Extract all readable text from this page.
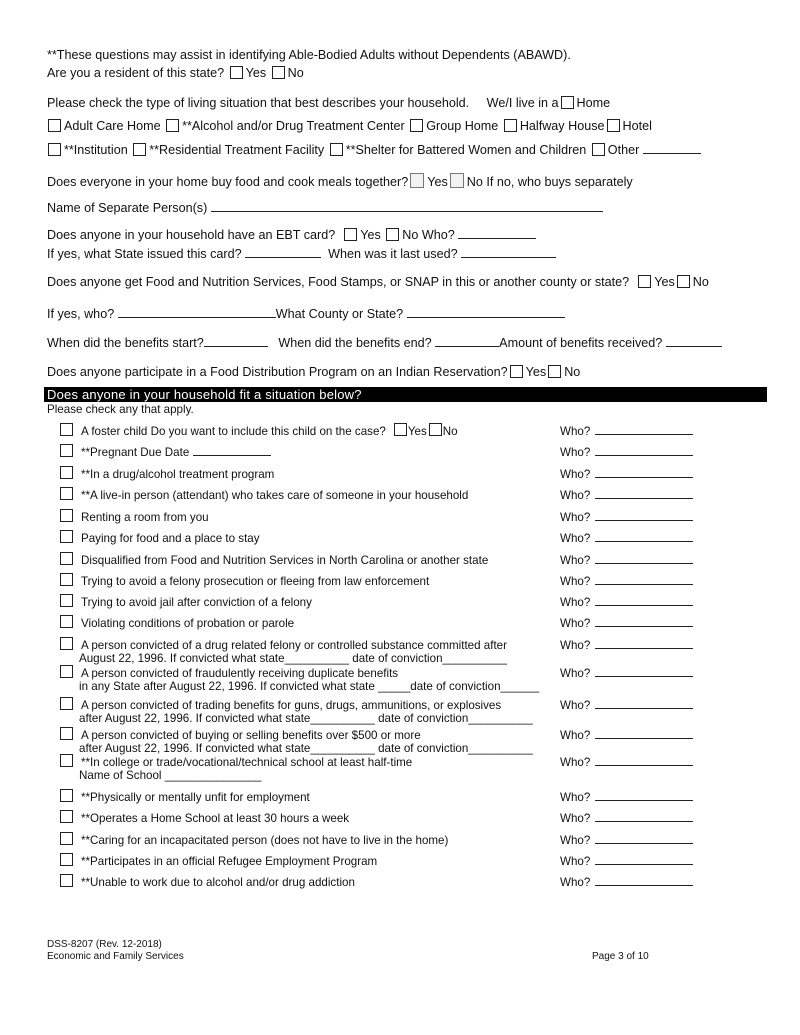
**These questions may assist in identifying Able-Bodied Adults without Dependents (ABAWD).
Are you a resident of this state? Yes No
Please check the type of living situation that best describes your household. We/I live in a Home
Adult Care Home **Alcohol and/or Drug Treatment Center Group Home Halfway House Hotel
**Institution **Residential Treatment Facility **Shelter for Battered Women and Children Other
Does everyone in your home buy food and cook meals together? Yes No If no, who buys separately
Name of Separate Person(s)
Does anyone in your household have an EBT card? Yes No Who?
If yes, what State issued this card?	When was it last used?
Does anyone get Food and Nutrition Services, Food Stamps, or SNAP in this or another county or state? Yes No
If yes, who?	What County or State?
When did the benefits start?	When did the benefits end?	Amount of benefits received?
Does anyone participate in a Food Distribution Program on an Indian Reservation? Yes No
Does anyone in your household fit a situation below?
Please check any that apply.
A foster child Do you want to include this child on the case? Yes No	Who?
**Pregnant Due Date	Who?
**In a drug/alcohol treatment program	Who?
**A live-in person (attendant) who takes care of someone in your household	Who?
Renting a room from you	Who?
Paying for food and a place to stay	Who?
Disqualified from Food and Nutrition Services in North Carolina or another state	Who?
Trying to avoid a felony prosecution or fleeing from law enforcement	Who?
Trying to avoid jail after conviction of a felony	Who?
Violating conditions of probation or parole	Who?
A person convicted of a drug related felony or controlled substance committed after
August 22, 1996. If convicted what state__________ date of conviction__________
Who?
A person convicted of fraudulently receiving duplicate benefits
in any State after August 22, 1996. If convicted what state _____date of conviction______
Who?
A person convicted of trading benefits for guns, drugs, ammunitions, or explosives
after August 22, 1996. If convicted what state__________ date of conviction__________
Who?
A person convicted of buying or selling benefits over $500 or more
after August 22, 1996. If convicted what state__________ date of conviction__________
Who?
**In college or trade/vocational/technical school at least half-time
Name of School _______________
Who?
**Physically or mentally unfit for employment	Who?
**Operates a Home School at least 30 hours a week	Who?
**Caring for an incapacitated person (does not have to live in the home)	Who?
**Participates in an official Refugee Employment Program	Who?
**Unable to work due to alcohol and/or drug addiction	Who?
DSS-8207 (Rev. 12-2018)
Economic and Family Services	Page 3 of 10
